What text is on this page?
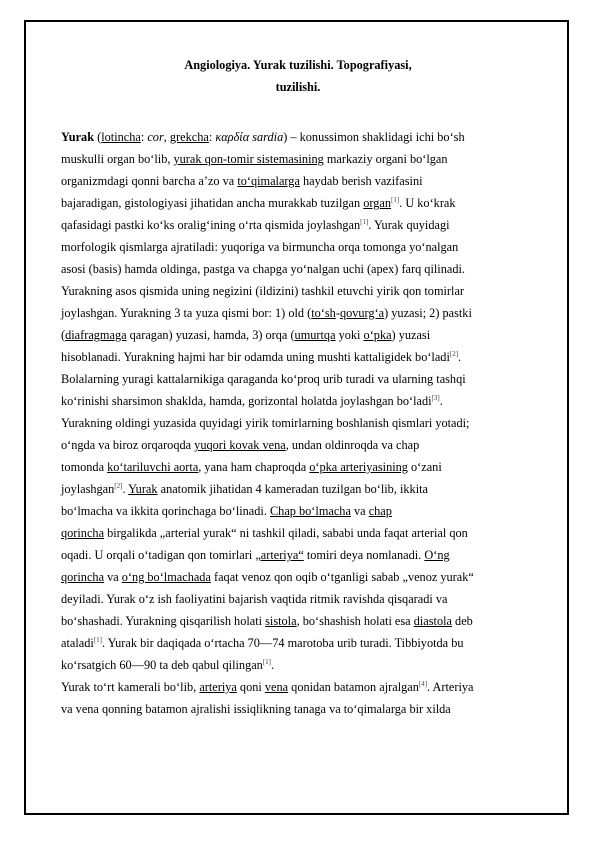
Angiologiya. Yurak tuzilishi. Topografiyasi,
tuzilishi.
Yurak (lotincha: cor, grekcha: καρδία sardia) – konussimon shaklidagi ichi bo‘sh
muskulli organ bo‘lib, yurak qon-tomir sistemasining markaziy organi bo‘lgan
organizmdagi qonni barcha a’zo va to‘qimalarga haydab berish vazifasini
bajaradigan, gistologiyasi jihatidan ancha murakkab tuzilgan organ[1]. U ko‘krak
qafasidagi pastki ko‘ks oralig‘ining o‘rta qismida joylashgan[1]. Yurak quyidagi
morfologik qismlarga ajratiladi: yuqoriga va birmuncha orqa tomonga yo‘nalgan
asosi (basis) hamda oldinga, pastga va chapga yo‘nalgan uchi (apex) farq qilinadi.
Yurakning asos qismida uning negizini (ildizini) tashkil etuvchi yirik qon tomirlar
joylashgan. Yurakning 3 ta yuza qismi bor: 1) old (to‘sh-qovurg‘a) yuzasi; 2) pastki
(diafragmaga qaragan) yuzasi, hamda, 3) orqa (umurtqa yoki o‘pka) yuzasi
hisoblanadi. Yurakning hajmi har bir odamda uning mushti kattaligidek bo‘ladi[2].
Bolalarning yuragi kattalarnikiga qaraganda ko‘proq urib turadi va ularning tashqi
ko‘rinishi sharsimon shaklda, hamda, gorizontal holatda joylashgan bo‘ladi[3].
Yurakning oldingi yuzasida quyidagi yirik tomirlarning boshlanish qismlari yotadi;
o‘ngda va biroz orqaroqda yuqori kovak vena, undan oldinroqda va chap
tomonda ko‘tariluvchi aorta, yana ham chaproqda o‘pka arteriyasining o‘zani
joylashgan[2]. Yurak anatomik jihatidan 4 kameradan tuzilgan bo‘lib, ikkita
bo‘lmacha va ikkita qorinchaga bo‘linadi. Chap bo‘lmacha va chap
qorincha birgalikda „arterial yurak“ ni tashkil qiladi, sababi unda faqat arterial qon
oqadi. U orqali o‘tadigan qon tomirlari „arteriya“ tomiri deya nomlanadi. O‘ng
qorincha va o‘ng bo‘lmachada faqat venoz qon oqib o‘tganligi sabab „venoz yurak“
deyiladi. Yurak o‘z ish faoliyatini bajarish vaqtida ritmik ravishda qisqaradi va
bo‘shashadi. Yurakning qisqarilish holati sistola, bo‘shashish holati esa diastola deb
ataladi[1]. Yurak bir daqiqada o‘rtacha 70—74 marotoba urib turadi. Tibbiyotda bu
ko‘rsatgich 60—90 ta deb qabul qilingan[1].
Yurak to‘rt kamerali bo‘lib, arteriya qoni vena qonidan batamon ajralgan[4]. Arteriya
va vena qonning batamon ajralishi issiqlikning tanaga va to‘qimalarga bir xilda
